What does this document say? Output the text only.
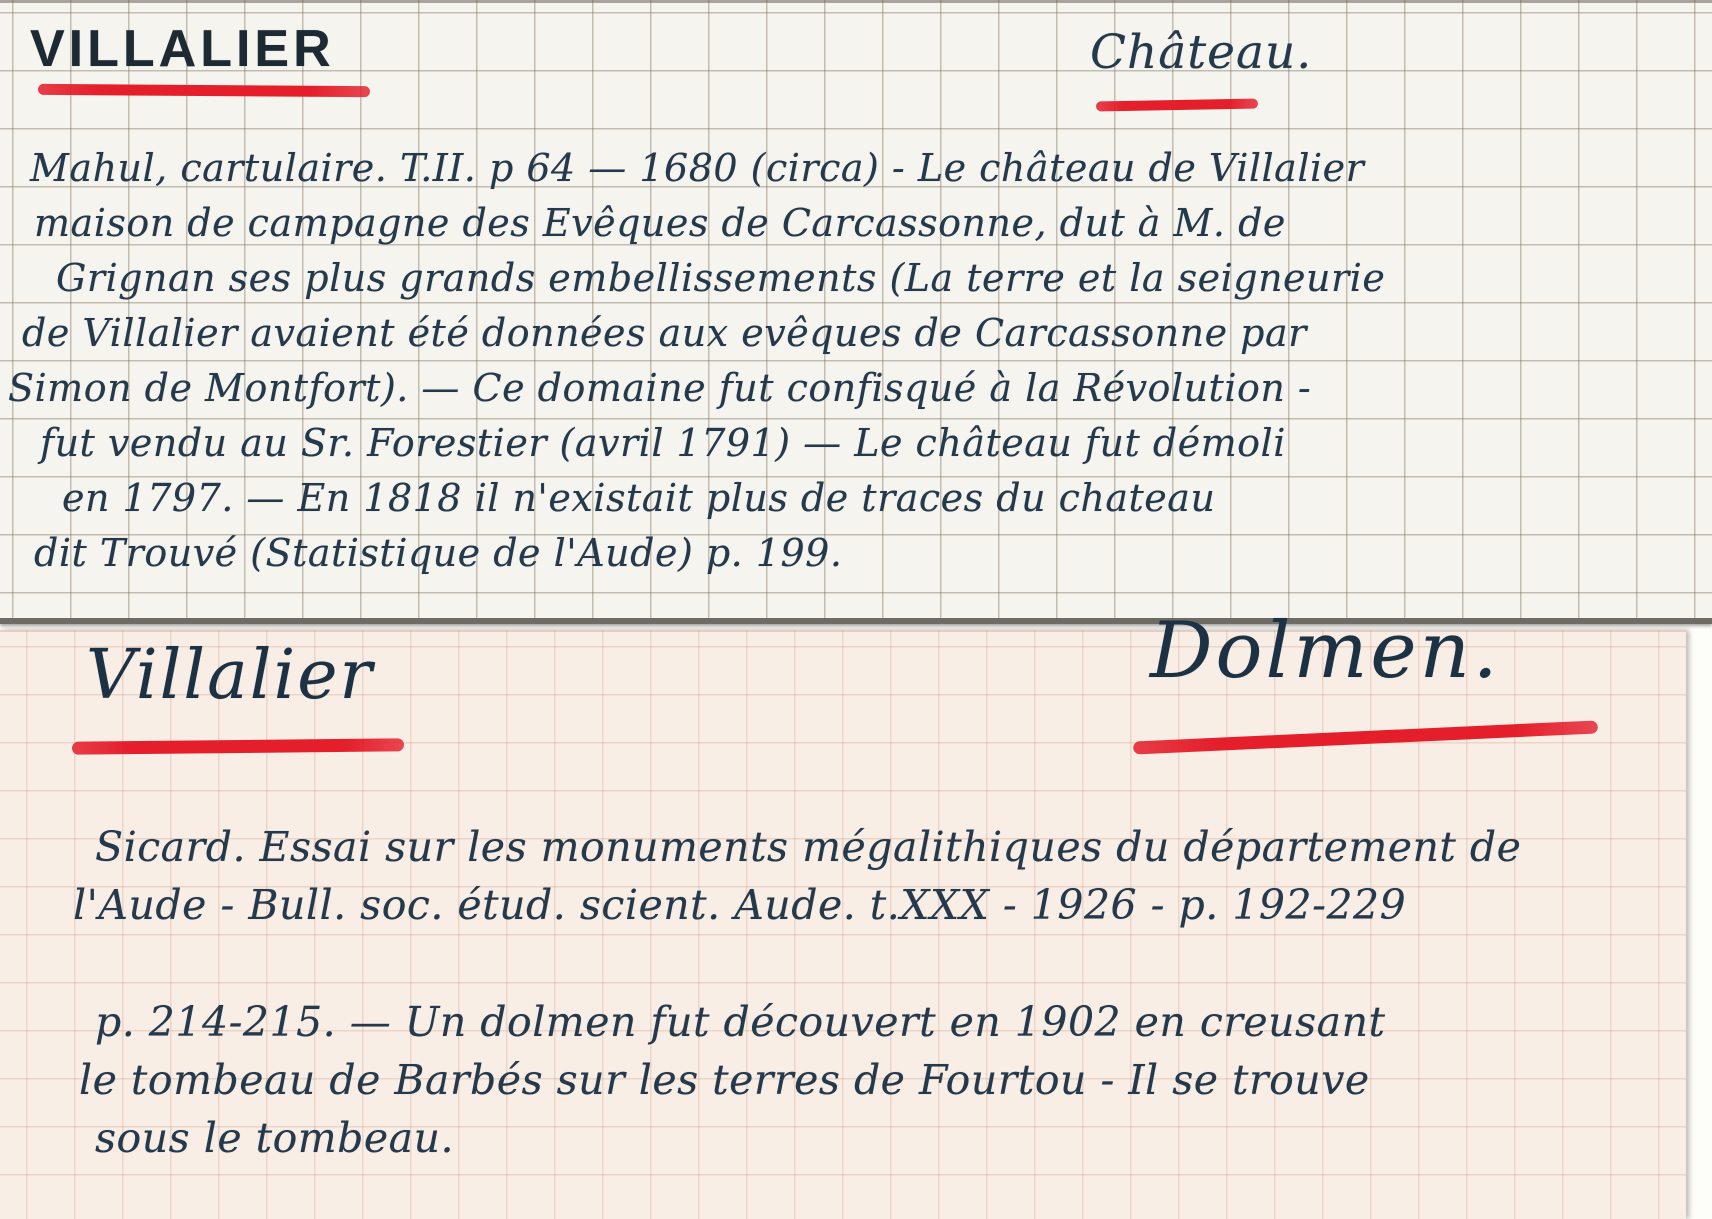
VILLALIER	Château.
Mahul, cartulaire. T.II. p 64 — 1680 (circa) - Le château de Villalier
maison de campagne des Evêques de Carcassonne, dut à M. de
Grignan ses plus grands embellissements (La terre et la seigneurie
de Villalier avaient été données aux evêques de Carcassonne par
Simon de Montfort). — Ce domaine fut confisqué à la Révolution -
fut vendu au Sr. Forestier (avril 1791) — Le château fut démoli
en 1797. — En 1818 il n'existait plus de traces du chateau
dit Trouvé (Statistique de l'Aude) p. 199.
Villalier	Dolmen.
Sicard. Essai sur les monuments mégalithiques du département de
l'Aude - Bull. soc. étud. scient. Aude. t.XXX - 1926 - p. 192-229
p. 214-215. — Un dolmen fut découvert en 1902 en creusant
le tombeau de Barbés sur les terres de Fourtou - Il se trouve
sous le tombeau.
